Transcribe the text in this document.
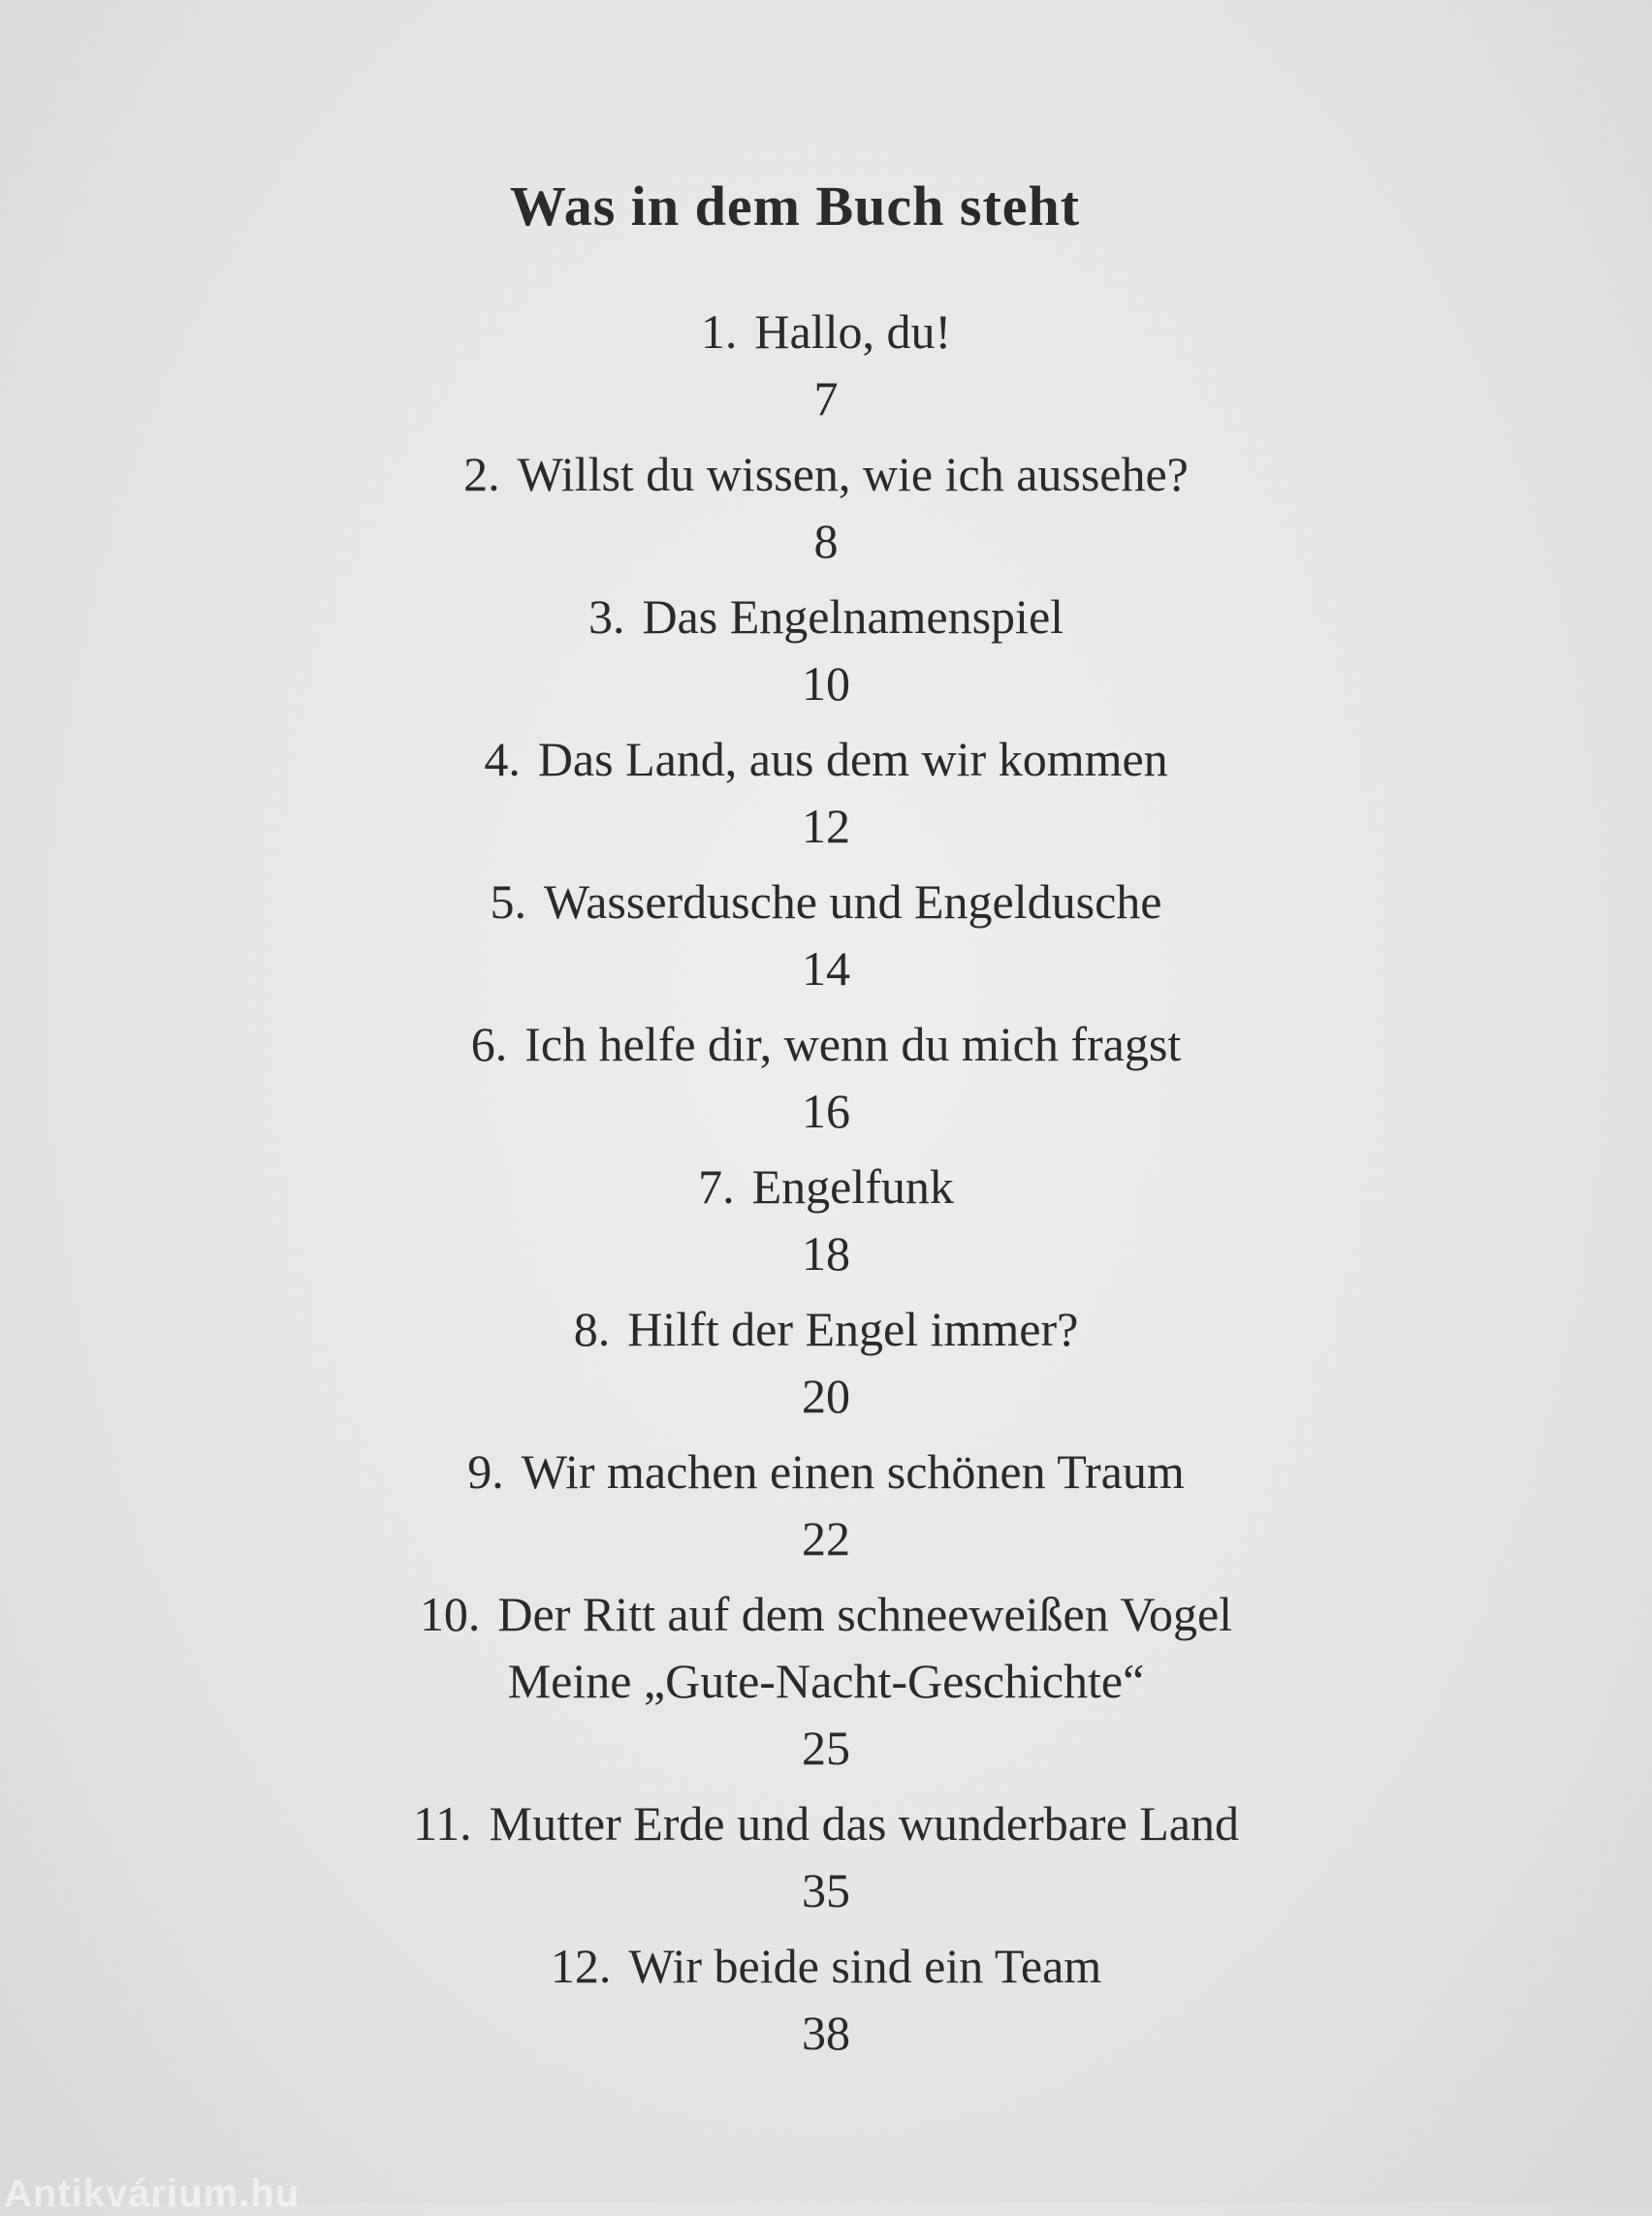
Was in dem Buch steht
1. Hallo, du!
7
2. Willst du wissen, wie ich aussehe?
8
3. Das Engelnamenspiel
10
4. Das Land, aus dem wir kommen
12
5. Wasserdusche und Engeldusche
14
6. Ich helfe dir, wenn du mich fragst
16
7. Engelfunk
18
8. Hilft der Engel immer?
20
9. Wir machen einen schönen Traum
22
10. Der Ritt auf dem schneeweißen Vogel
Meine „Gute-Nacht-Geschichte“
25
11. Mutter Erde und das wunderbare Land
35
12. Wir beide sind ein Team
38
Antikvárium.hu
